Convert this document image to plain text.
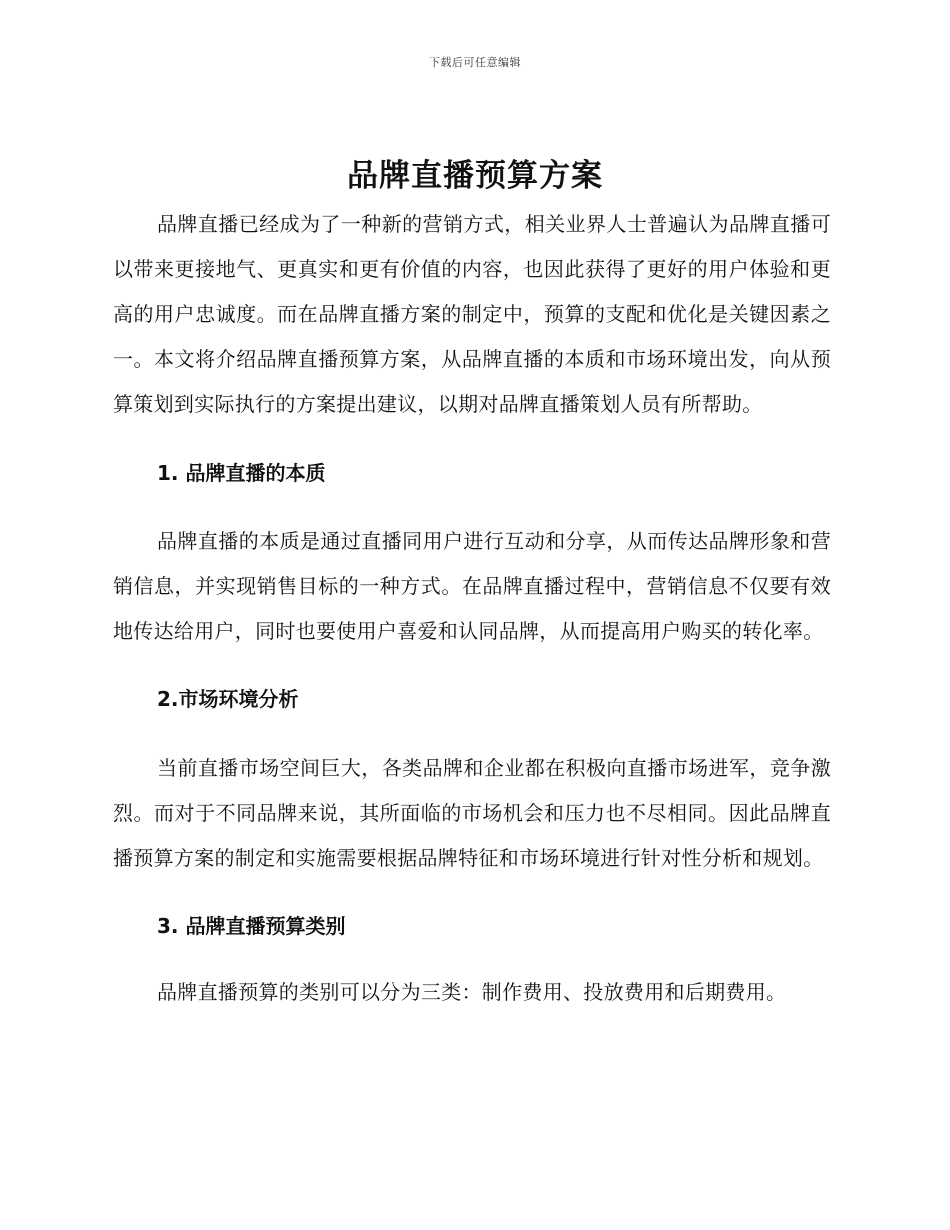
下载后可任意编辑
品牌直播预算方案

品牌直播已经成为了一种新的营销方式，相关业界人士普遍认为品牌直播可以带来更接地气、更真实和更有价值的内容，也因此获得了更好的用户体验和更高的用户忠诚度。而在品牌直播方案的制定中，预算的支配和优化是关键因素之一。本文将介绍品牌直播预算方案，从品牌直播的本质和市场环境出发，向从预算策划到实际执行的方案提出建议，以期对品牌直播策划人员有所帮助。

1. 品牌直播的本质

品牌直播的本质是通过直播同用户进行互动和分享，从而传达品牌形象和营销信息，并实现销售目标的一种方式。在品牌直播过程中，营销信息不仅要有效地传达给用户，同时也要使用户喜爱和认同品牌，从而提高用户购买的转化率。

2.市场环境分析

当前直播市场空间巨大，各类品牌和企业都在积极向直播市场进军，竞争激烈。而对于不同品牌来说，其所面临的市场机会和压力也不尽相同。因此品牌直播预算方案的制定和实施需要根据品牌特征和市场环境进行针对性分析和规划。

3. 品牌直播预算类别

品牌直播预算的类别可以分为三类：制作费用、投放费用和后期费用。
